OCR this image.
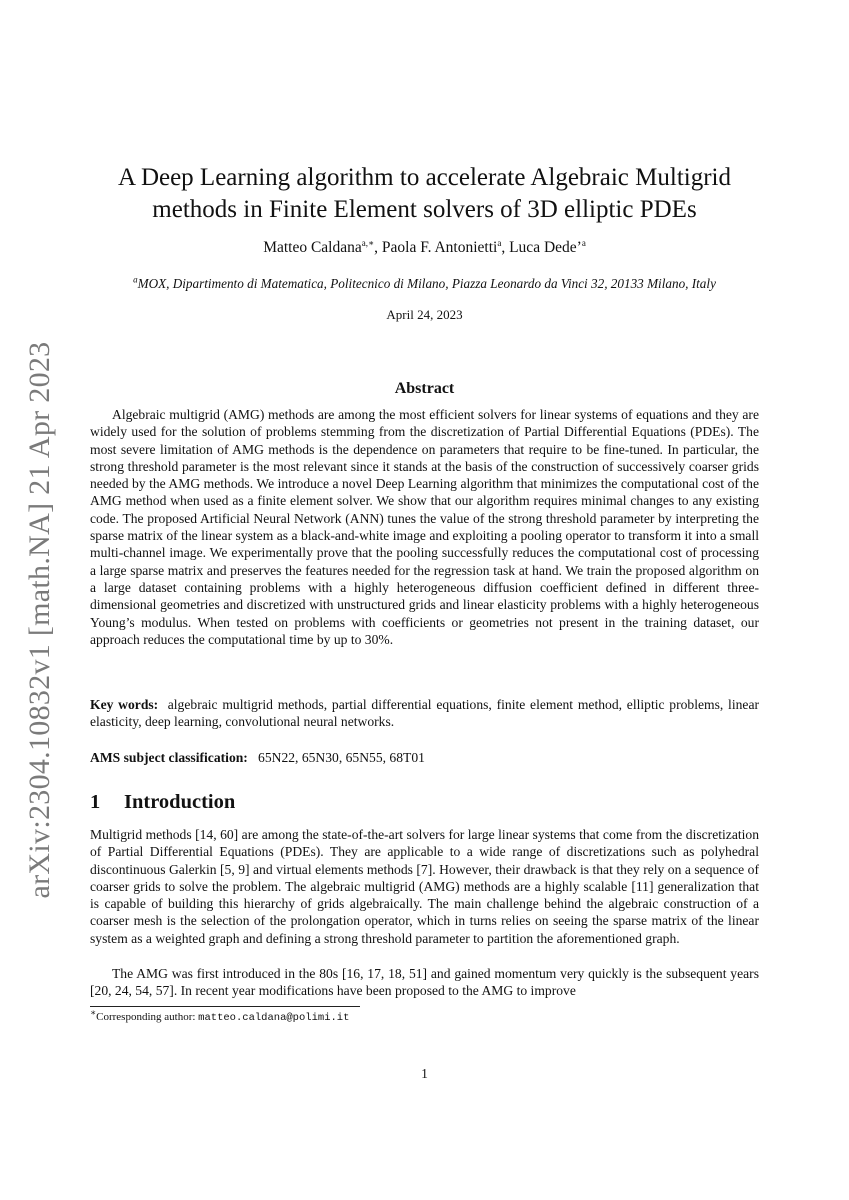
arXiv:2304.10832v1 [math.NA] 21 Apr 2023
A Deep Learning algorithm to accelerate Algebraic Multigrid methods in Finite Element solvers of 3D elliptic PDEs
Matteo Caldana$^{a,∗}$, Paola F. Antonietti$^a$, Luca Dede’$^a$
$^a$MOX, Dipartimento di Matematica, Politecnico di Milano, Piazza Leonardo da Vinci 32, 20133 Milano, Italy
April 24, 2023
Abstract

Algebraic multigrid (AMG) methods are among the most efficient solvers for linear systems of equations and they are widely used for the solution of problems stemming from the discretization of Partial Differential Equations (PDEs). The most severe limitation of AMG methods is the dependence on parameters that require to be fine-tuned. In particular, the strong threshold parameter is the most relevant since it stands at the basis of the construction of successively coarser grids needed by the AMG methods. We introduce a novel Deep Learning algorithm that minimizes the computational cost of the AMG method when used as a finite element solver. We show that our algorithm requires minimal changes to any existing code. The proposed Artificial Neural Network (ANN) tunes the value of the strong threshold parameter by interpreting the sparse matrix of the linear system as a black-and-white image and exploiting a pooling operator to transform it into a small multi-channel image. We experimentally prove that the pooling successfully reduces the computational cost of processing a large sparse matrix and preserves the features needed for the regression task at hand. We train the proposed algorithm on a large dataset containing problems with a highly heterogeneous diffusion coefficient defined in different three-dimensional geometries and discretized with unstructured grids and linear elasticity problems with a highly heterogeneous Young’s modulus. When tested on problems with coefficients or geometries not present in the training dataset, our approach reduces the computational time by up to 30%.

Key words: algebraic multigrid methods, partial differential equations, finite element method, elliptic problems, linear elasticity, deep learning, convolutional neural networks.

AMS subject classification: 65N22, 65N30, 65N55, 68T01

1 Introduction

Multigrid methods [14, 60] are among the state-of-the-art solvers for large linear systems that come from the discretization of Partial Differential Equations (PDEs). They are applicable to a wide range of discretizations such as polyhedral discontinuous Galerkin [5, 9] and virtual elements methods [7]. However, their drawback is that they rely on a sequence of coarser grids to solve the problem. The algebraic multigrid (AMG) methods are a highly scalable [11] generalization that is capable of building this hierarchy of grids algebraically. The main challenge behind the algebraic construction of a coarser mesh is the selection of the prolongation operator, which in turns relies on seeing the sparse matrix of the linear system as a weighted graph and defining a strong threshold parameter to partition the aforementioned graph.

The AMG was first introduced in the 80s [16, 17, 18, 51] and gained momentum very quickly is the subsequent years [20, 24, 54, 57]. In recent year modifications have been proposed to the AMG to improve

∗Corresponding author: matteo.caldana@polimi.it
1
